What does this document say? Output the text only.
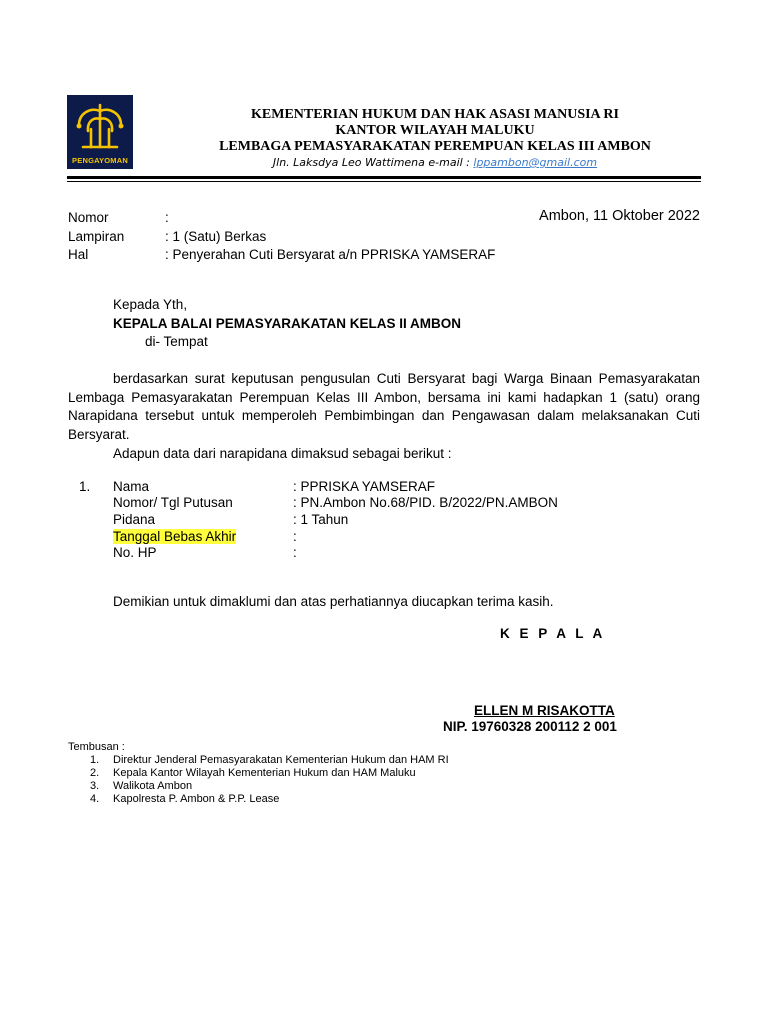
PENGAYOMAN
KEMENTERIAN HUKUM DAN HAK ASASI MANUSIA RI
KANTOR WILAYAH MALUKU
LEMBAGA PEMASYARAKATAN PEREMPUAN KELAS III AMBON
Jln. Laksdya Leo Wattimena e-mail : lppambon@gmail.com
Nomor	:	Ambon, 11 Oktober 2022
Lampiran	: 1 (Satu) Berkas
Hal	: Penyerahan Cuti Bersyarat a/n PPRISKA YAMSERAF
Kepada Yth,
KEPALA BALAI PEMASYARAKATAN KELAS II AMBON
di- Tempat
berdasarkan surat keputusan pengusulan Cuti Bersyarat bagi Warga Binaan Pemasyarakatan Lembaga Pemasyarakatan Perempuan Kelas III Ambon, bersama ini kami hadapkan 1 (satu) orang Narapidana tersebut untuk memperoleh Pembimbingan dan Pengawasan dalam melaksanakan Cuti Bersyarat.
Adapun data dari narapidana dimaksud sebagai berikut :
1. Nama	: PPRISKA YAMSERAF
Nomor/ Tgl Putusan	: PN.Ambon No.68/PID. B/2022/PN.AMBON
Pidana	: 1 Tahun
Tanggal Bebas Akhir	:
No. HP	:
Demikian untuk dimaklumi dan atas perhatiannya diucapkan terima kasih.
K E P A L A
ELLEN M RISAKOTTA
NIP. 19760328 200112 2 001
Tembusan :
1. Direktur Jenderal Pemasyarakatan Kementerian Hukum dan HAM RI
2. Kepala Kantor Wilayah Kementerian Hukum dan HAM Maluku
3. Walikota Ambon
4. Kapolresta P. Ambon & P.P. Lease
